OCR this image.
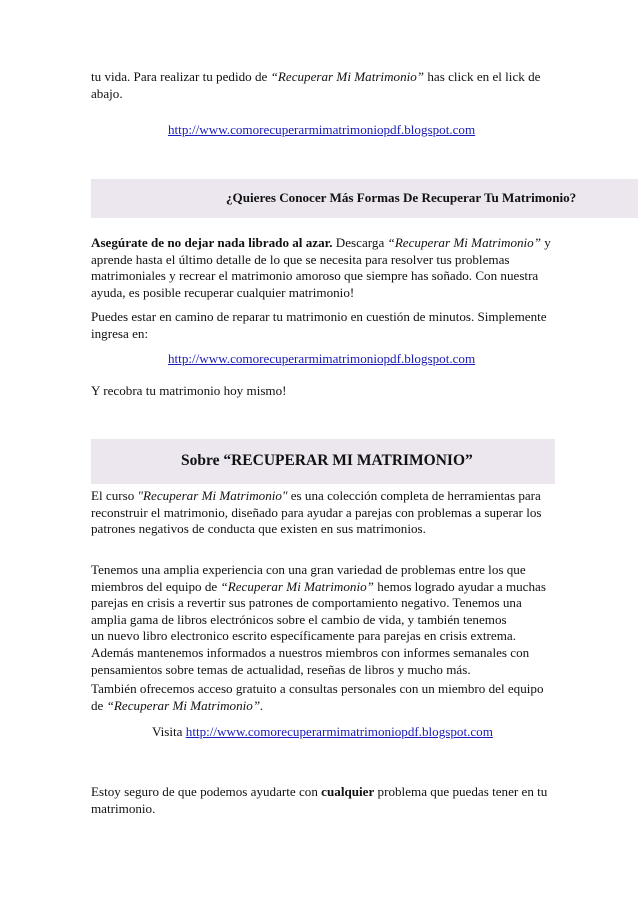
tu vida. Para realizar tu pedido de “Recuperar Mi Matrimonio” has click en el lick de
abajo.
http://www.comorecuperarmimatrimoniopdf.blogspot.com
¿Quieres Conocer Más Formas De Recuperar Tu Matrimonio?
Asegúrate de no dejar nada librado al azar. Descarga “Recuperar Mi Matrimonio” y
aprende hasta el último detalle de lo que se necesita para resolver tus problemas
matrimoniales y recrear el matrimonio amoroso que siempre has soñado. Con nuestra
ayuda, es posible recuperar cualquier matrimonio!
Puedes estar en camino de reparar tu matrimonio en cuestión de minutos. Simplemente
ingresa en:
http://www.comorecuperarmimatrimoniopdf.blogspot.com
Y recobra tu matrimonio hoy mismo!
Sobre “RECUPERAR MI MATRIMONIO”
El curso "Recuperar Mi Matrimonio" es una colección completa de herramientas para
reconstruir el matrimonio, diseñado para ayudar a parejas con problemas a superar los
patrones negativos de conducta que existen en sus matrimonios.
Tenemos una amplia experiencia con una gran variedad de problemas entre los que
miembros del equipo de “Recuperar Mi Matrimonio” hemos logrado ayudar a muchas
parejas en crisis a revertir sus patrones de comportamiento negativo. Tenemos una
amplia gama de libros electrónicos sobre el cambio de vida, y también tenemos
un nuevo libro electronico escrito específicamente para parejas en crisis extrema.
Además mantenemos informados a nuestros miembros con informes semanales con
pensamientos sobre temas de actualidad, reseñas de libros y mucho más.
También ofrecemos acceso gratuito a consultas personales con un miembro del equipo
de “Recuperar Mi Matrimonio”.
Visita http://www.comorecuperarmimatrimoniopdf.blogspot.com
Estoy seguro de que podemos ayudarte con cualquier problema que puedas tener en tu
matrimonio.
